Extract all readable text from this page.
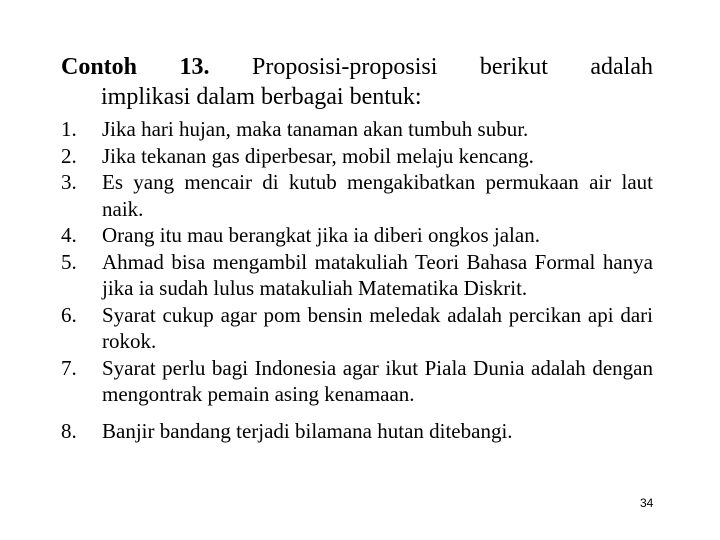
Contoh 13. Proposisi-proposisi berikut adalah
implikasi dalam berbagai bentuk:
1. Jika hari hujan, maka tanaman akan tumbuh subur.
2. Jika tekanan gas diperbesar, mobil melaju kencang.
3. Es yang mencair di kutub mengakibatkan permukaan air laut naik.
4. Orang itu mau berangkat jika ia diberi ongkos jalan.
5. Ahmad bisa mengambil matakuliah Teori Bahasa Formal hanya jika ia sudah lulus matakuliah Matematika Diskrit.
6. Syarat cukup agar pom bensin meledak adalah percikan api dari rokok.
7. Syarat perlu bagi Indonesia agar ikut Piala Dunia adalah dengan mengontrak pemain asing kenamaan.
8. Banjir bandang terjadi bilamana hutan ditebangi.
34
